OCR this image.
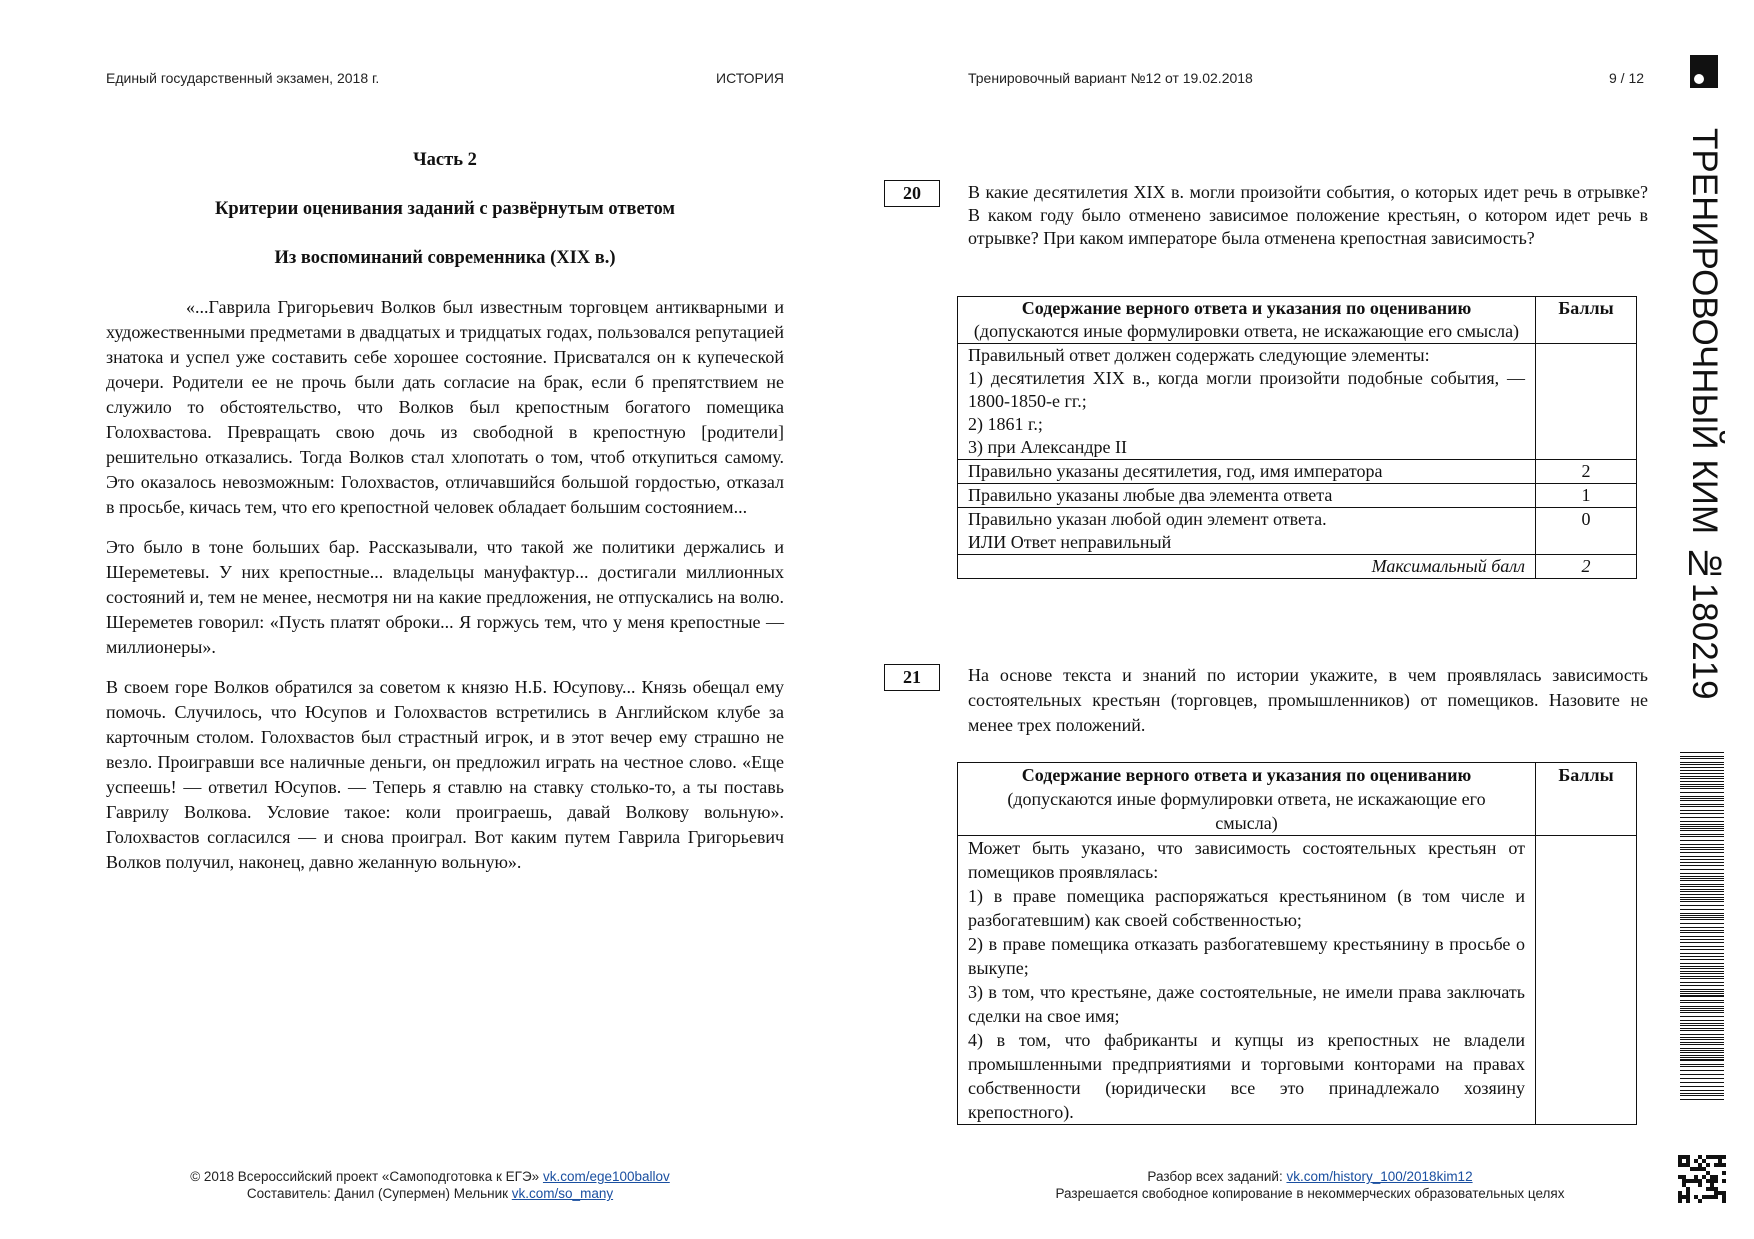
Единый государственный экзамен, 2018 г.	ИСТОРИЯ	Тренировочный вариант №12 от 19.02.2018	9 / 12
Часть 2
Критерии оценивания заданий с развёрнутым ответом
Из воспоминаний современника (XIX в.)

«...Гаврила Григорьевич Волков был известным торговцем антикварными и художественными предметами в двадцатых и тридцатых годах, пользовался репутацией знатока и успел уже составить себе хорошее состояние. Присватался он к купеческой дочери. Родители ее не прочь были дать согласие на брак, если б препятствием не служило то обстоятельство, что Волков был крепостным богатого помещика Голохвастова. Превращать свою дочь из свободной в крепостную [родители] решительно отказались. Тогда Волков стал хлопотать о том, чтоб откупиться самому. Это оказалось невозможным: Голохвастов, отличавшийся большой гордостью, отказал в просьбе, кичась тем, что его крепостной человек обладает большим состоянием...

Это было в тоне больших бар. Рассказывали, что такой же политики держались и Шереметевы. У них крепостные... владельцы мануфактур... достигали миллионных состояний и, тем не менее, несмотря ни на какие предложения, не отпускались на волю. Шереметев говорил: «Пусть платят оброки... Я горжусь тем, что у меня крепостные — миллионеры».

В своем горе Волков обратился за советом к князю Н.Б. Юсупову... Князь обещал ему помочь. Случилось, что Юсупов и Голохвастов встретились в Английском клубе за карточным столом. Голохвастов был страстный игрок, и в этот вечер ему страшно не везло. Проигравши все наличные деньги, он предложил играть на честное слово. «Еще успеешь! — ответил Юсупов. — Теперь я ставлю на ставку столько-то, а ты поставь Гаврилу Волкова. Условие такое: коли проиграешь, давай Волкову вольную». Голохвастов согласился — и снова проиграл. Вот каким путем Гаврила Григорьевич Волков получил, наконец, давно желанную вольную».

20	В какие десятилетия XIX в. могли произойти события, о которых идет речь в отрывке? В каком году было отменено зависимое положение крестьян, о котором идет речь в отрывке? При каком императоре была отменена крепостная зависимость?
Содержание верного ответа и указания по оцениванию
(допускаются иные формулировки ответа, не искажающие его смысла)	Баллы

Правильный ответ должен содержать следующие элементы:
1) десятилетия XIX в., когда могли произойти подобные события, — 1800-1850-е гг.;
2) 1861 г.;
3) при Александре II	

Правильно указаны десятилетия, год, имя императора	2
Правильно указаны любые два элемента ответа	1

Правильно указан любой один элемент ответа.
ИЛИ Ответ неправильный	0
Максимальный балл	2
21	На основе текста и знаний по истории укажите, в чем проявлялась зависимость состоятельных крестьян (торговцев, промышленников) от помещиков. Назовите не менее трех положений.
Содержание верного ответа и указания по оцениванию
(допускаются иные формулировки ответа, не искажающие его смысла)	Баллы

Может быть указано, что зависимость состоятельных крестьян от помещиков проявлялась:
1) в праве помещика распоряжаться крестьянином (в том числе и разбогатевшим) как своей собственностью;
2) в праве помещика отказать разбогатевшему крестьянину в просьбе о выкупе;
3) в том, что крестьяне, даже состоятельные, не имели права заключать сделки на свое имя;
4) в том, что фабриканты и купцы из крепостных не владели промышленными предприятиями и торговыми конторами на правах собственности (юридически все это принадлежало хозяину крепостного).	

© 2018 Всероссийский проект «Самоподготовка к ЕГЭ» vk.com/ege100ballov
Составитель: Данил (Супермен) Мельник vk.com/so_many
Разбор всех заданий: vk.com/history_100/2018kim12
Разрешается свободное копирование в некоммерческих образовательных целях
ТРЕНИРОВОЧНЫЙ КИМ №180219
